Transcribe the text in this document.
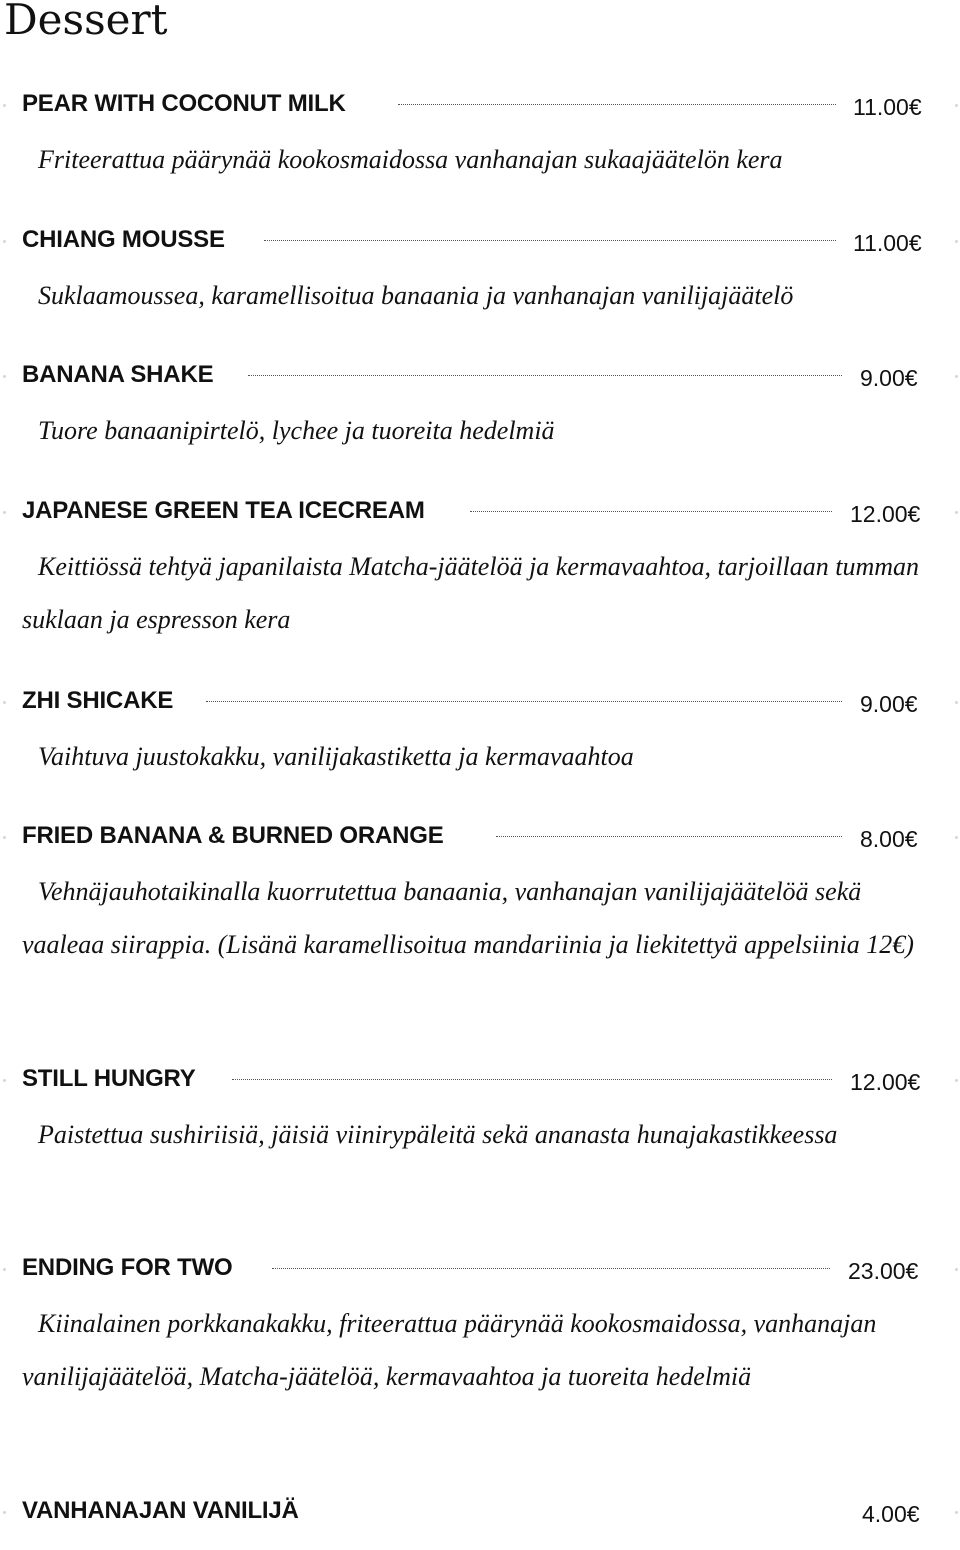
Dessert
PEAR WITH COCONUT MILK	11.00€

Friteerattua päärynää kookosmaidossa vanhanajan sukaajäätelön kera

CHIANG MOUSSE	11.00€

Suklaamoussea, karamellisoitua banaania ja vanhanajan vanilijajäätelö

BANANA SHAKE	9.00€

Tuore banaanipirtelö, lychee ja tuoreita hedelmiä

JAPANESE GREEN TEA ICECREAM	12.00€

Keittiössä tehtyä japanilaista Matcha-jäätelöä ja kermavaahtoa, tarjoillaan tumman suklaan ja espresson kera

ZHI SHICAKE	9.00€

Vaihtuva juustokakku, vanilijakastiketta ja kermavaahtoa

FRIED BANANA & BURNED ORANGE	8.00€

Vehnäjauhotaikinalla kuorrutettua banaania, vanhanajan vanilijajäätelöä sekä vaaleaa siirappia. (Lisänä karamellisoitua mandariinia ja liekitettyä appelsiinia 12€)

STILL HUNGRY	12.00€

Paistettua sushiriisiä, jäisiä viinirypäleitä sekä ananasta hunajakastikkeessa

ENDING FOR TWO	23.00€

Kiinalainen porkkanakakku, friteerattua päärynää kookosmaidossa, vanhanajan vanilijajäätelöä, Matcha-jäätelöä, kermavaahtoa ja tuoreita hedelmiä

VANHANAJAN VANILIJÄ	4.00€
